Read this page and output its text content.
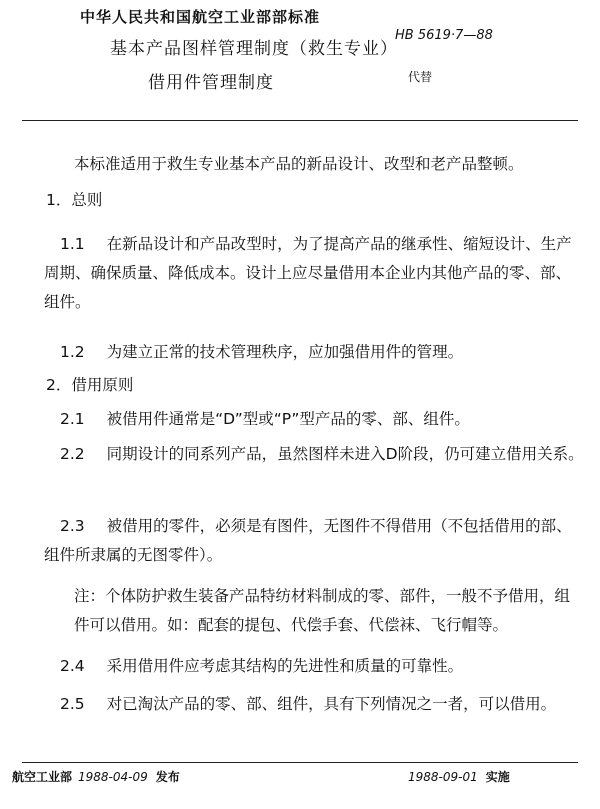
中华人民共和国航空工业部部标准
基本产品图样管理制度（救生专业）
借用件管理制度
HB 5619·7—88
代替
本标准适用于救生专业基本产品的新品设计、改型和老产品整顿。
1．总则
1.1 在新品设计和产品改型时，为了提高产品的继承性、缩短设计、生产周期、确保质量、降低成本。设计上应尽量借用本企业内其他产品的零、部、组件。
1.2 为建立正常的技术管理秩序，应加强借用件的管理。
2．借用原则
2.1 被借用件通常是“D”型或“P”型产品的零、部、组件。
2.2 同期设计的同系列产品，虽然图样未进入D阶段，仍可建立借用关系。
2.3 被借用的零件，必须是有图件，无图件不得借用（不包括借用的部、组件所隶属的无图零件）。
注：个体防护救生装备产品特纺材料制成的零、部件，一般不予借用，组件可以借用。如：配套的提包、代偿手套、代偿袜、飞行帽等。
2.4 采用借用件应考虑其结构的先进性和质量的可靠性。
2.5 对已淘汰产品的零、部、组件，具有下列情况之一者，可以借用。
航空工业部 1988-04-09 发布	1988-09-01 实施
